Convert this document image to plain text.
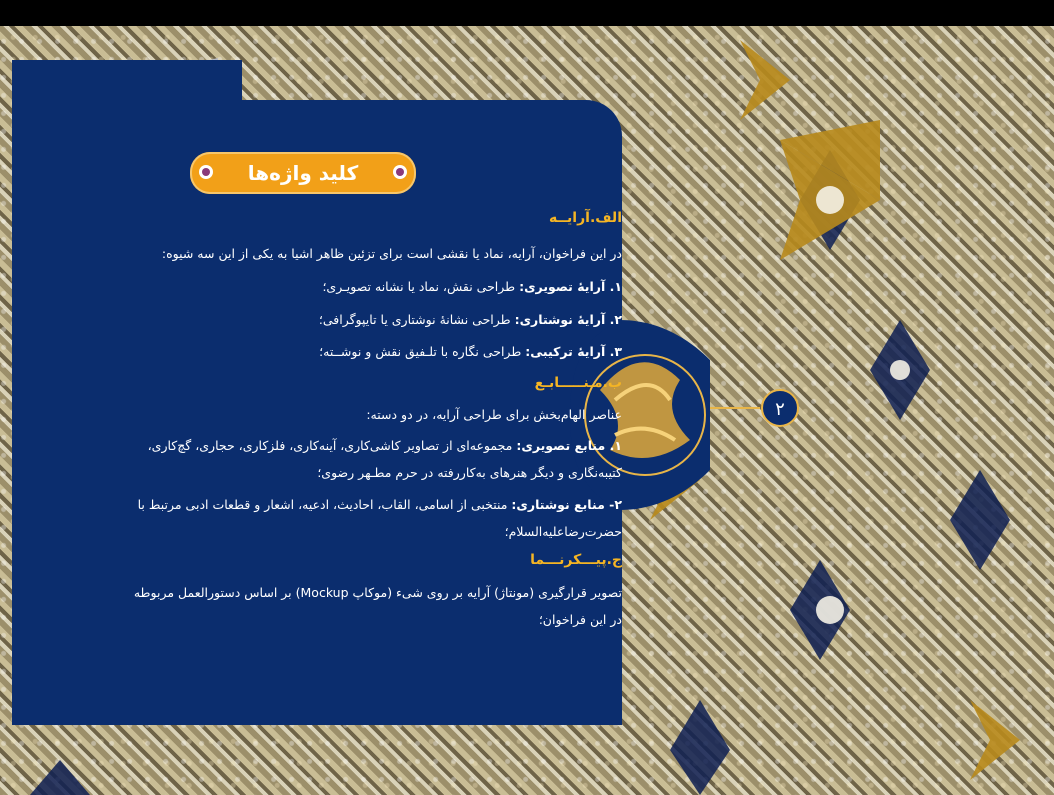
۲
کلید واژه‌ها
الف.آرایــه
در این فراخوان، آرایه، نماد یا نقشی است برای تزئین ظاهر اشیا به یکی از این سه شیوه:
۱. آرایۀ تصویری: طراحی نقش، نماد یا نشانه تصویـری؛
۲. آرایۀ نوشتاری: طراحی نشانۀ نوشتاری یا تایپوگرافی؛
۳. آرایۀ ترکیبی: طراحی نگاره با تلـفیق نقش و نوشــته؛
ب.مـنـــــابـع
عناصر الهام‌بخش برای طراحی آرایه، در دو دسته:
۱. منابع تصویری: مجموعه‌ای از تصاویر کاشی‌کاری، آینه‌کاری، فلزکاری، حجاری، گچ‌کاری،
کتیبه‌نگاری و دیگر هنرهای به‌کاررفته در حرم مطـهر رضوی؛
۲- منابع نوشتاری: منتخبی از اسامی، القاب، احادیث، ادعیه، اشعار و قطعات ادبی مرتبط با
حضرت‌رضاعلیه‌السلام؛
ج.پیـــکرنـــما
تصویر قرارگیری (مونتاژ) آرایه بر روی شیء (موکاپ Mockup) بر اساس دستورالعمل مربوطه
در این فراخوان؛
